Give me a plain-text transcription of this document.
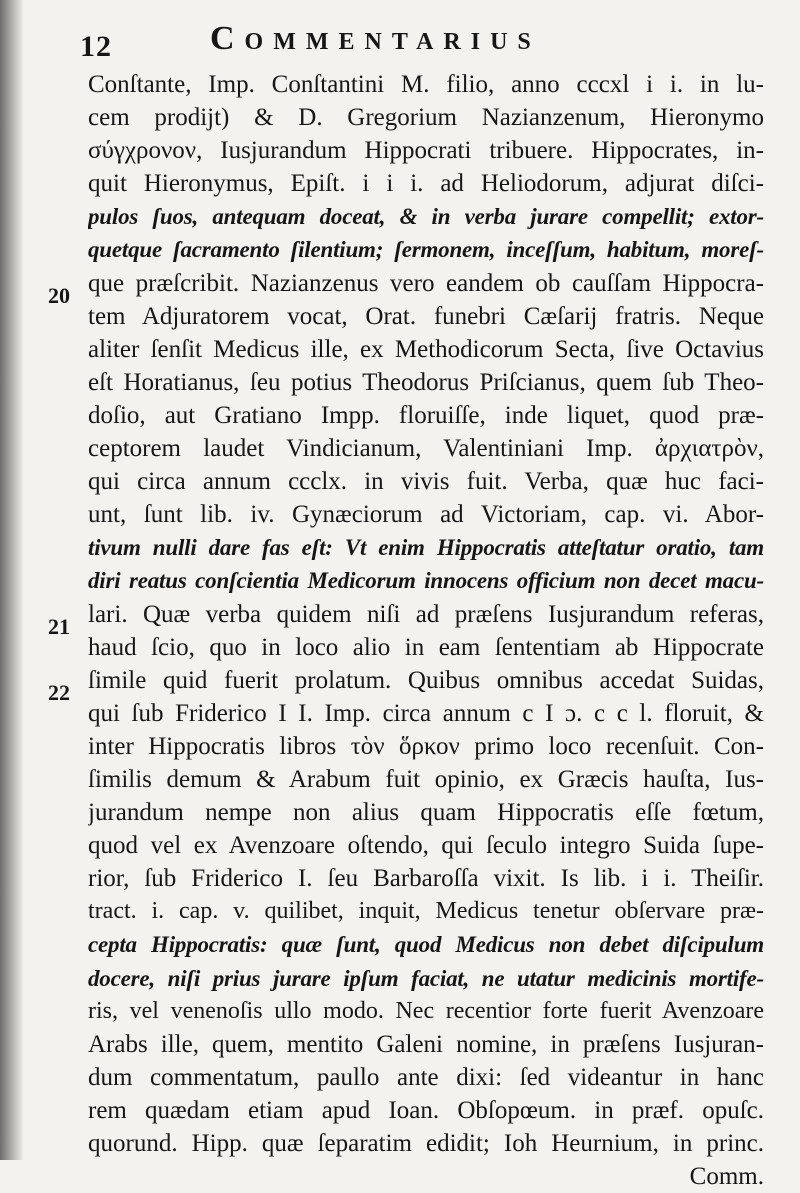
12	Commentarius
20
21
22
Conſtante, Imp. Conſtantini M. filio, anno cccxl i i. in lu-
cem prodijt) & D. Gregorium Nazianzenum, Hieronymo
σύγχρονον, Iusjurandum Hippocrati tribuere. Hippocrates, in-
quit Hieronymus, Epiſt. i i i. ad Heliodorum, adjurat diſci-
pulos ſuos, antequam doceat, & in verba jurare compellit; extor-
quetque ſacramento ſilentium; ſermonem, inceſſum, habitum, moreſ-
que præſcribit. Nazianzenus vero eandem ob cauſſam Hippocra-
tem Adjuratorem vocat, Orat. funebri Cæſarij fratris. Neque
aliter ſenſit Medicus ille, ex Methodicorum Secta, ſive Octavius
eſt Horatianus, ſeu potius Theodorus Priſcianus, quem ſub Theo-
doſio, aut Gratiano Impp. floruiſſe, inde liquet, quod præ-
ceptorem laudet Vindicianum, Valentiniani Imp. ἀρχιατρὸν,
qui circa annum ccclx. in vivis fuit. Verba, quæ huc faci-
unt, ſunt lib. iv. Gynæciorum ad Victoriam, cap. vi. Abor-
tivum nulli dare fas eſt: Vt enim Hippocratis atteſtatur oratio, tam
diri reatus conſcientia Medicorum innocens officium non decet macu-
lari. Quæ verba quidem niſi ad præſens Iusjurandum referas,
haud ſcio, quo in loco alio in eam ſententiam ab Hippocrate
ſimile quid fuerit prolatum. Quibus omnibus accedat Suidas,
qui ſub Friderico I I. Imp. circa annum c I ɔ. c c l. floruit, &
inter Hippocratis libros τὸν ὅρκον primo loco recenſuit. Con-
ſimilis demum & Arabum fuit opinio, ex Græcis hauſta, Ius-
jurandum nempe non alius quam Hippocratis eſſe fœtum,
quod vel ex Avenzoare oſtendo, qui ſeculo integro Suida ſupe-
rior, ſub Friderico I. ſeu Barbaroſſa vixit. Is lib. i i. Theiſir.
tract. i. cap. v. quilibet, inquit, Medicus tenetur obſervare præ-
cepta Hippocratis: quæ ſunt, quod Medicus non debet diſcipulum
docere, niſi prius jurare ipſum faciat, ne utatur medicinis mortife-
ris, vel venenoſis ullo modo. Nec recentior forte fuerit Avenzoare
Arabs ille, quem, mentito Galeni nomine, in præſens Iusjuran-
dum commentatum, paullo ante dixi: ſed videantur in hanc
rem quædam etiam apud Ioan. Obſopœum. in præf. opuſc.
quorund. Hipp. quæ ſeparatim edidit; Ioh Heurnium, in princ.
Comm.
